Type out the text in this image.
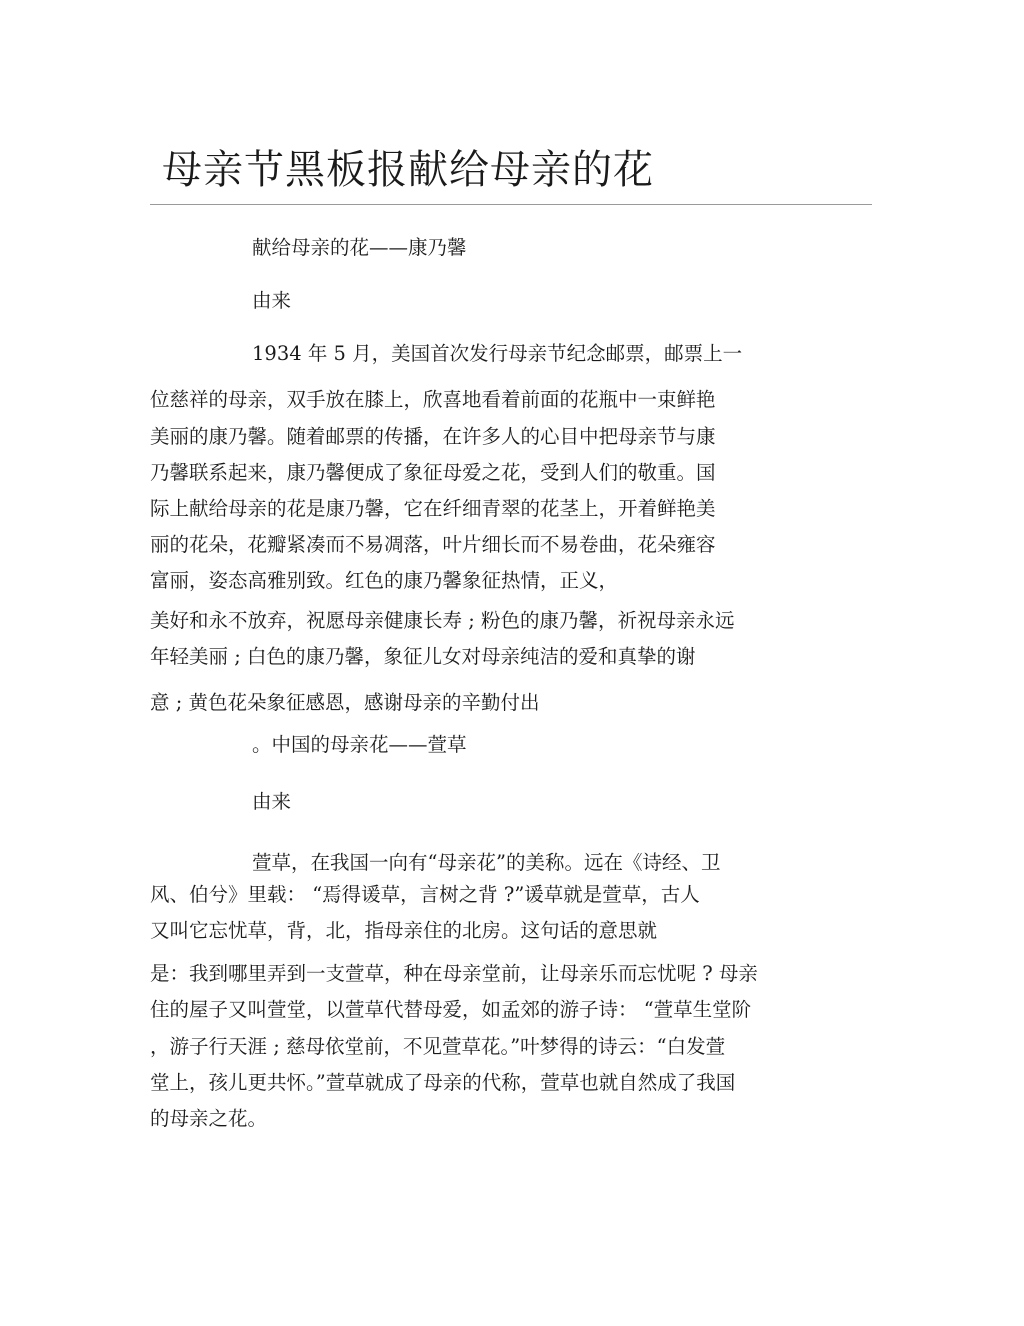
母亲节黑板报献给母亲的花

献给母亲的花——康乃馨

由来

1934 年 5 月，美国首次发行母亲节纪念邮票，邮票上一

位慈祥的母亲，双手放在膝上，欣喜地看着前面的花瓶中一束鲜艳

美丽的康乃馨。随着邮票的传播，在许多人的心目中把母亲节与康

乃馨联系起来，康乃馨便成了象征母爱之花，受到人们的敬重。国

际上献给母亲的花是康乃馨，它在纤细青翠的花茎上，开着鲜艳美

丽的花朵，花瓣紧凑而不易凋落，叶片细长而不易卷曲，花朵雍容

富丽，姿态高雅别致。红色的康乃馨象征热情，正义，

美好和永不放弃，祝愿母亲健康长寿 ; 粉色的康乃馨，祈祝母亲永远

年轻美丽 ; 白色的康乃馨，象征儿女对母亲纯洁的爱和真挚的谢

意 ; 黄色花朵象征感恩，感谢母亲的辛勤付出

。中国的母亲花——萱草

由来

萱草，在我国一向有“母亲花”的美称。远在《诗经、卫

风、伯兮》里载： “焉得谖草，言树之背 ?”谖草就是萱草，古人

又叫它忘忧草，背，北，指母亲住的北房。这句话的意思就

是：我到哪里弄到一支萱草，种在母亲堂前，让母亲乐而忘忧呢 ? 母亲

住的屋子又叫萱堂，以萱草代替母爱，如孟郊的游子诗： “萱草生堂阶

，游子行天涯 ; 慈母依堂前，不见萱草花。”叶梦得的诗云：“白发萱

堂上，孩儿更共怀。”萱草就成了母亲的代称，萱草也就自然成了我国

的母亲之花。
